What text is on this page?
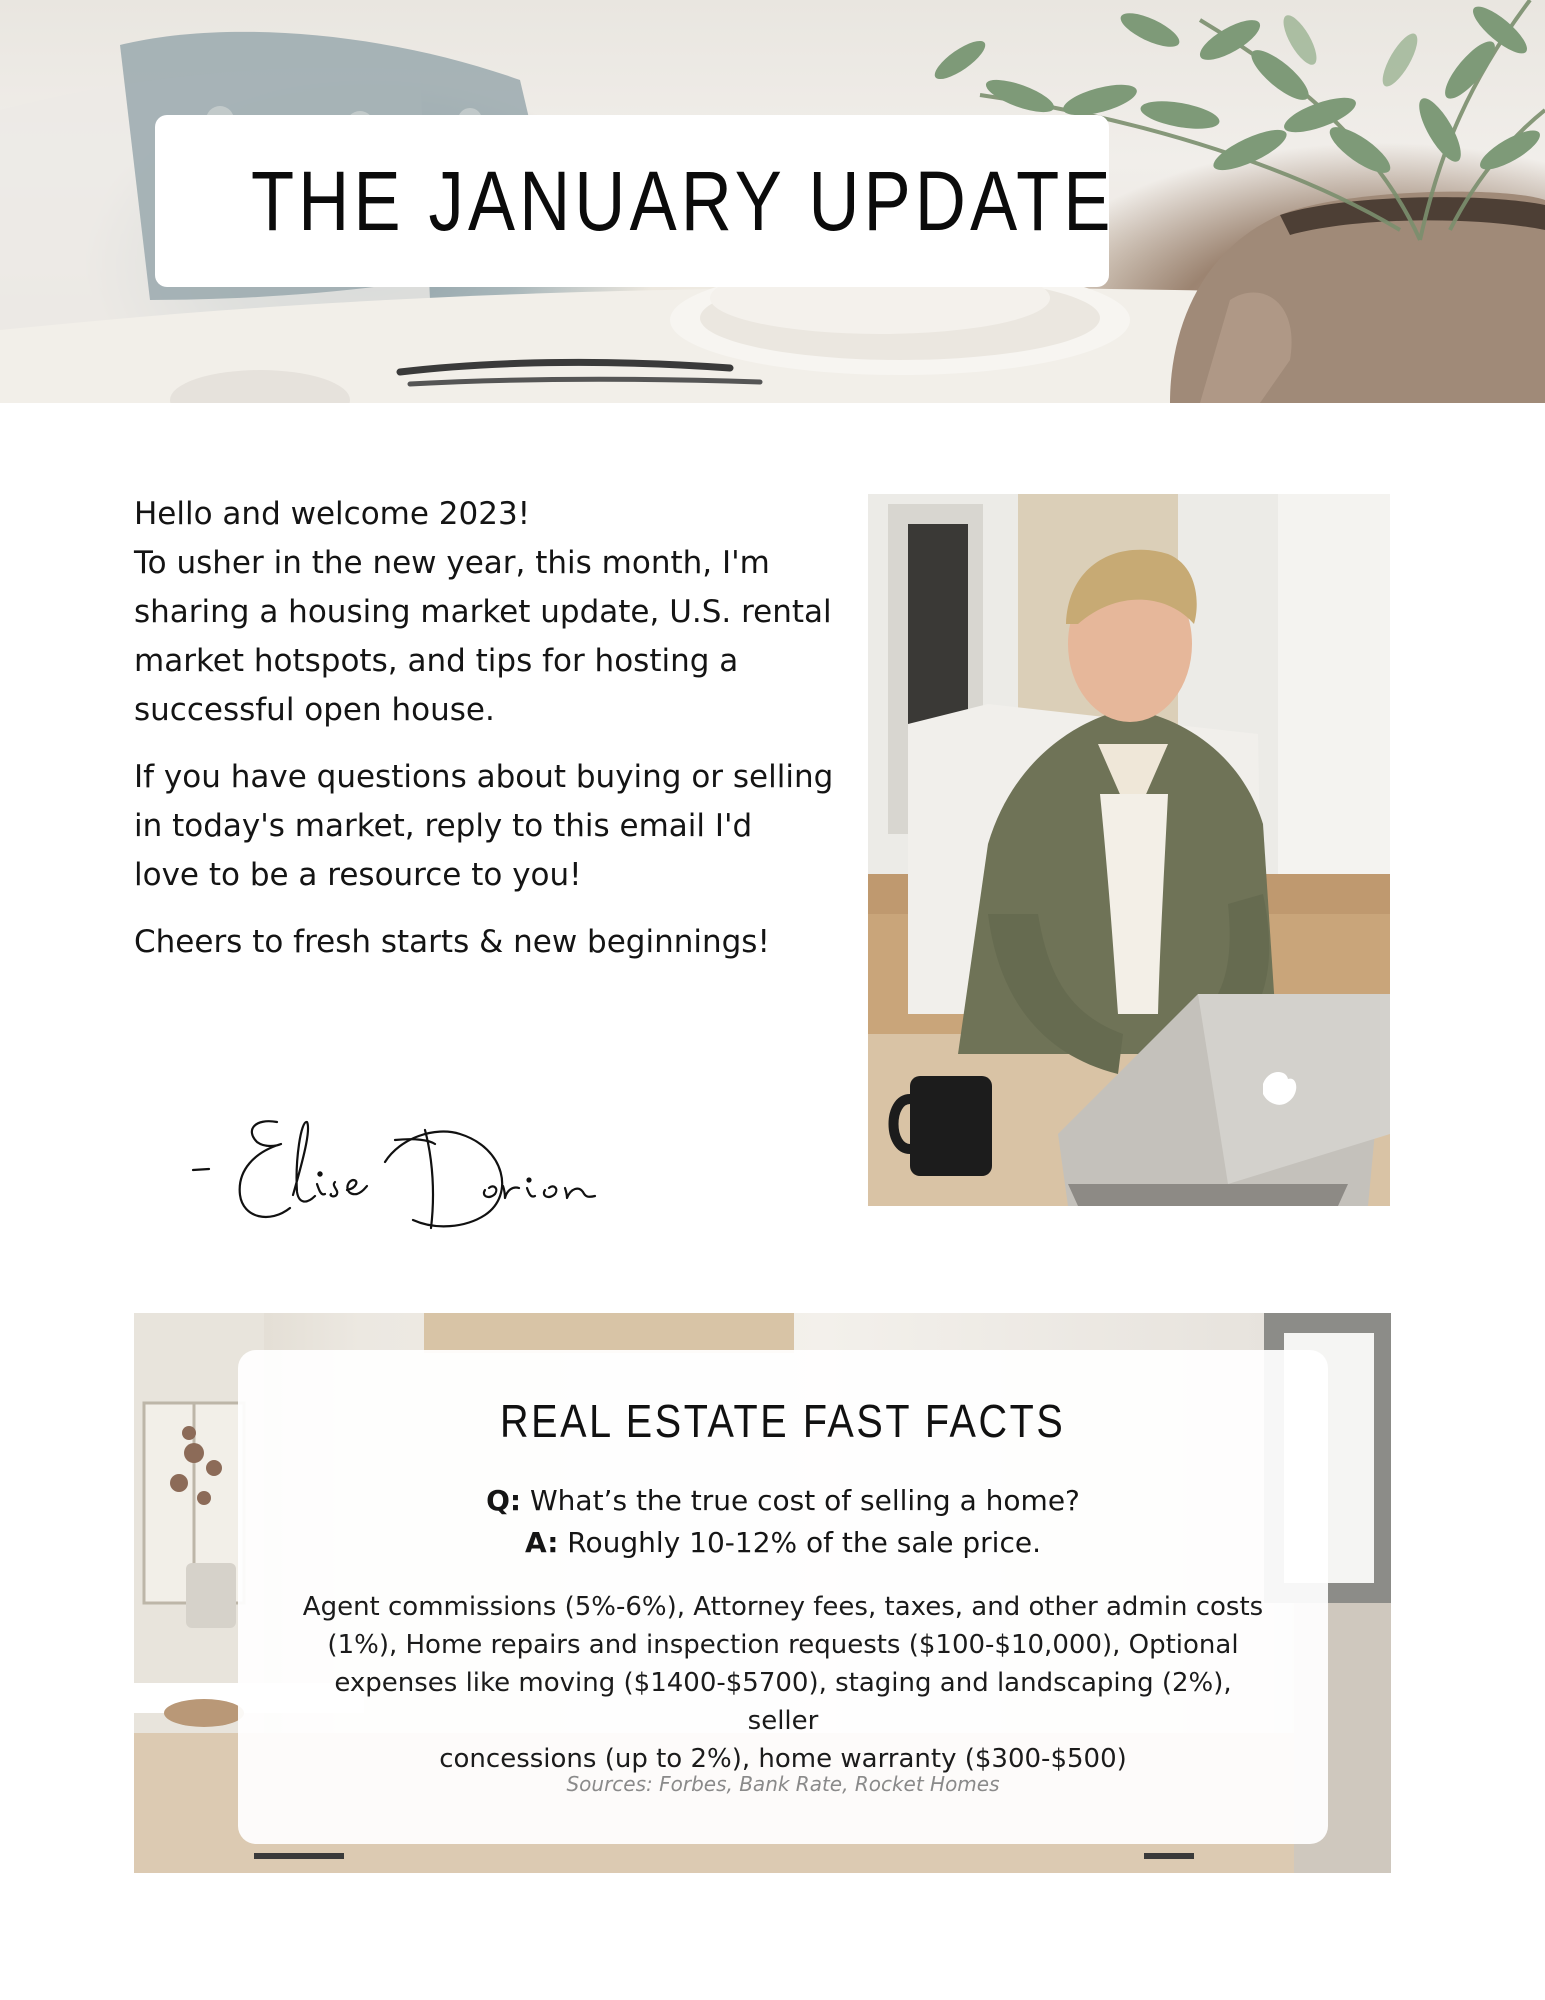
THE JANUARY UPDATE

Hello and welcome 2023!
To usher in the new year, this month, I'm
sharing a housing market update, U.S. rental
market hotspots, and tips for hosting a
successful open house.

If you have questions about buying or selling
in today's market, reply to this email I'd
love to be a resource to you!

Cheers to fresh starts & new beginnings!

REAL ESTATE FAST FACTS
Q: What’s the true cost of selling a home?
A: Roughly 10-12% of the sale price.
Agent commissions (5%-6%), Attorney fees, taxes, and other admin costs
(1%), Home repairs and inspection requests ($100-$10,000), Optional
expenses like moving ($1400-$5700), staging and landscaping (2%), seller
concessions (up to 2%), home warranty ($300-$500)
Sources: Forbes, Bank Rate, Rocket Homes
